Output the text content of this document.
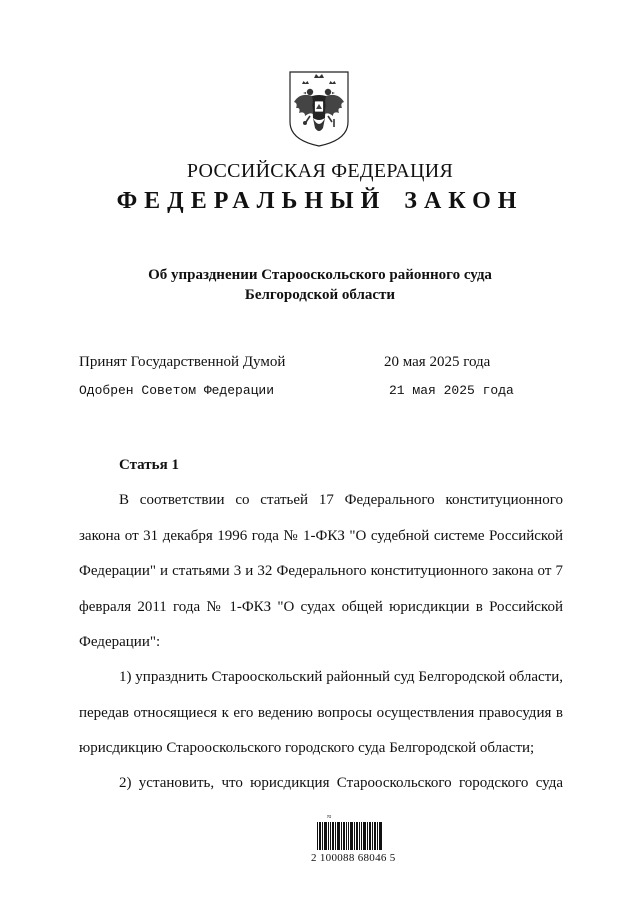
РОССИЙСКАЯ ФЕДЕРАЦИЯ
ФЕДЕРАЛЬНЫЙ ЗАКОН
Об упразднении Старооскольского районного суда
Белгородской области
Принят Государственной Думой	20 мая 2025 года
Одобрен Советом Федерации	21 мая 2025 года
Статья 1

В соответствии со статьей 17 Федерального конституционного закона от 31 декабря 1996 года № 1-ФКЗ "О судебной системе Российской Федерации" и статьями 3 и 32 Федерального конституционного закона от 7 февраля 2011 года № 1-ФКЗ "О судах общей юрисдикции в Российской Федерации":

1) упразднить Старооскольский районный суд Белгородской области, передав относящиеся к его ведению вопросы осуществления правосудия в юрисдикцию Старооскольского городского суда Белгородской области;

2) установить, что юрисдикция Старооскольского городского суда

≈
2 100088 68046 5
